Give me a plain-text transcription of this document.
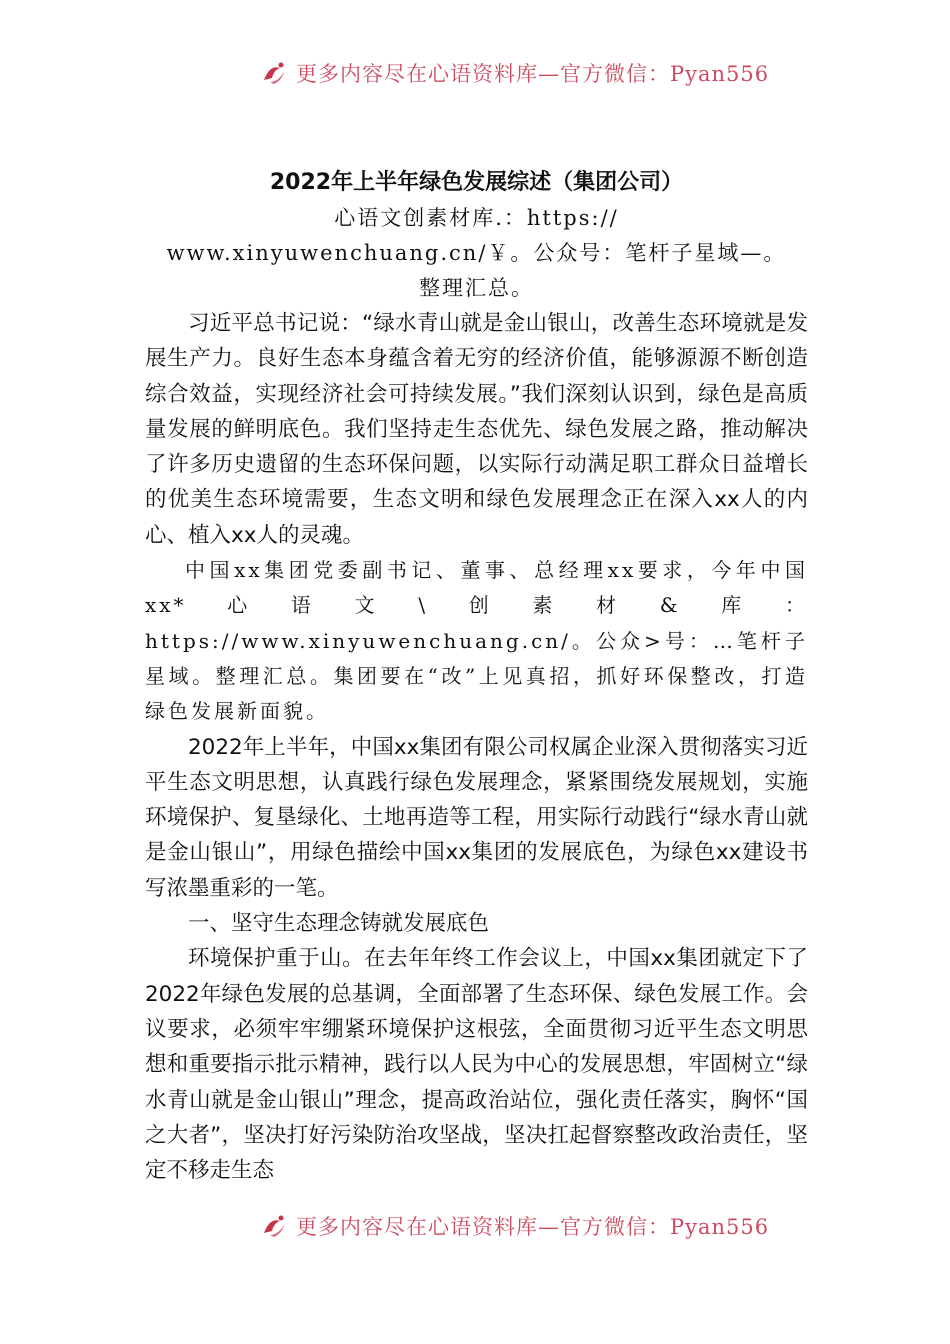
更多内容尽在心语资料库—官方微信：Pyan556
2022年上半年绿色发展综述（集团公司）
心语文创素材库.：https://
www.xinyuwenchuang.cn/￥。公众号：笔杆子星域—。
整理汇总。

习近平总书记说：“绿水青山就是金山银山，改善生态环境就是发展生产力。良好生态本身蕴含着无穷的经济价值，能够源源不断创造综合效益，实现经济社会可持续发展。”我们深刻认识到，绿色是高质量发展的鲜明底色。我们坚持走生态优先、绿色发展之路，推动解决了许多历史遗留的生态环保问题，以实际行动满足职工群众日益增长的优美生态环境需要，生态文明和绿色发展理念正在深入xx人的内心、植入xx人的灵魂。

中国xx集团党委副书记、董事、总经理xx要求，今年中国xx*心语文\创素材&库：https://www.xinyuwenchuang.cn/。公众>号：…笔杆子星域。整理汇总。集团要在“改”上见真招，抓好环保整改，打造绿色发展新面貌。

2022年上半年，中国xx集团有限公司权属企业深入贯彻落实习近平生态文明思想，认真践行绿色发展理念，紧紧围绕发展规划，实施环境保护、复垦绿化、土地再造等工程，用实际行动践行“绿水青山就是金山银山”，用绿色描绘中国xx集团的发展底色，为绿色xx建设书写浓墨重彩的一笔。

一、坚守生态理念铸就发展底色

环境保护重于山。在去年年终工作会议上，中国xx集团就定下了2022年绿色发展的总基调，全面部署了生态环保、绿色发展工作。会议要求，必须牢牢绷紧环境保护这根弦，全面贯彻习近平生态文明思想和重要指示批示精神，践行以人民为中心的发展思想，牢固树立“绿水青山就是金山银山”理念，提高政治站位，强化责任落实，胸怀“国之大者”，坚决打好污染防治攻坚战，坚决扛起督察整改政治责任，坚定不移走生态

更多内容尽在心语资料库—官方微信：Pyan556
